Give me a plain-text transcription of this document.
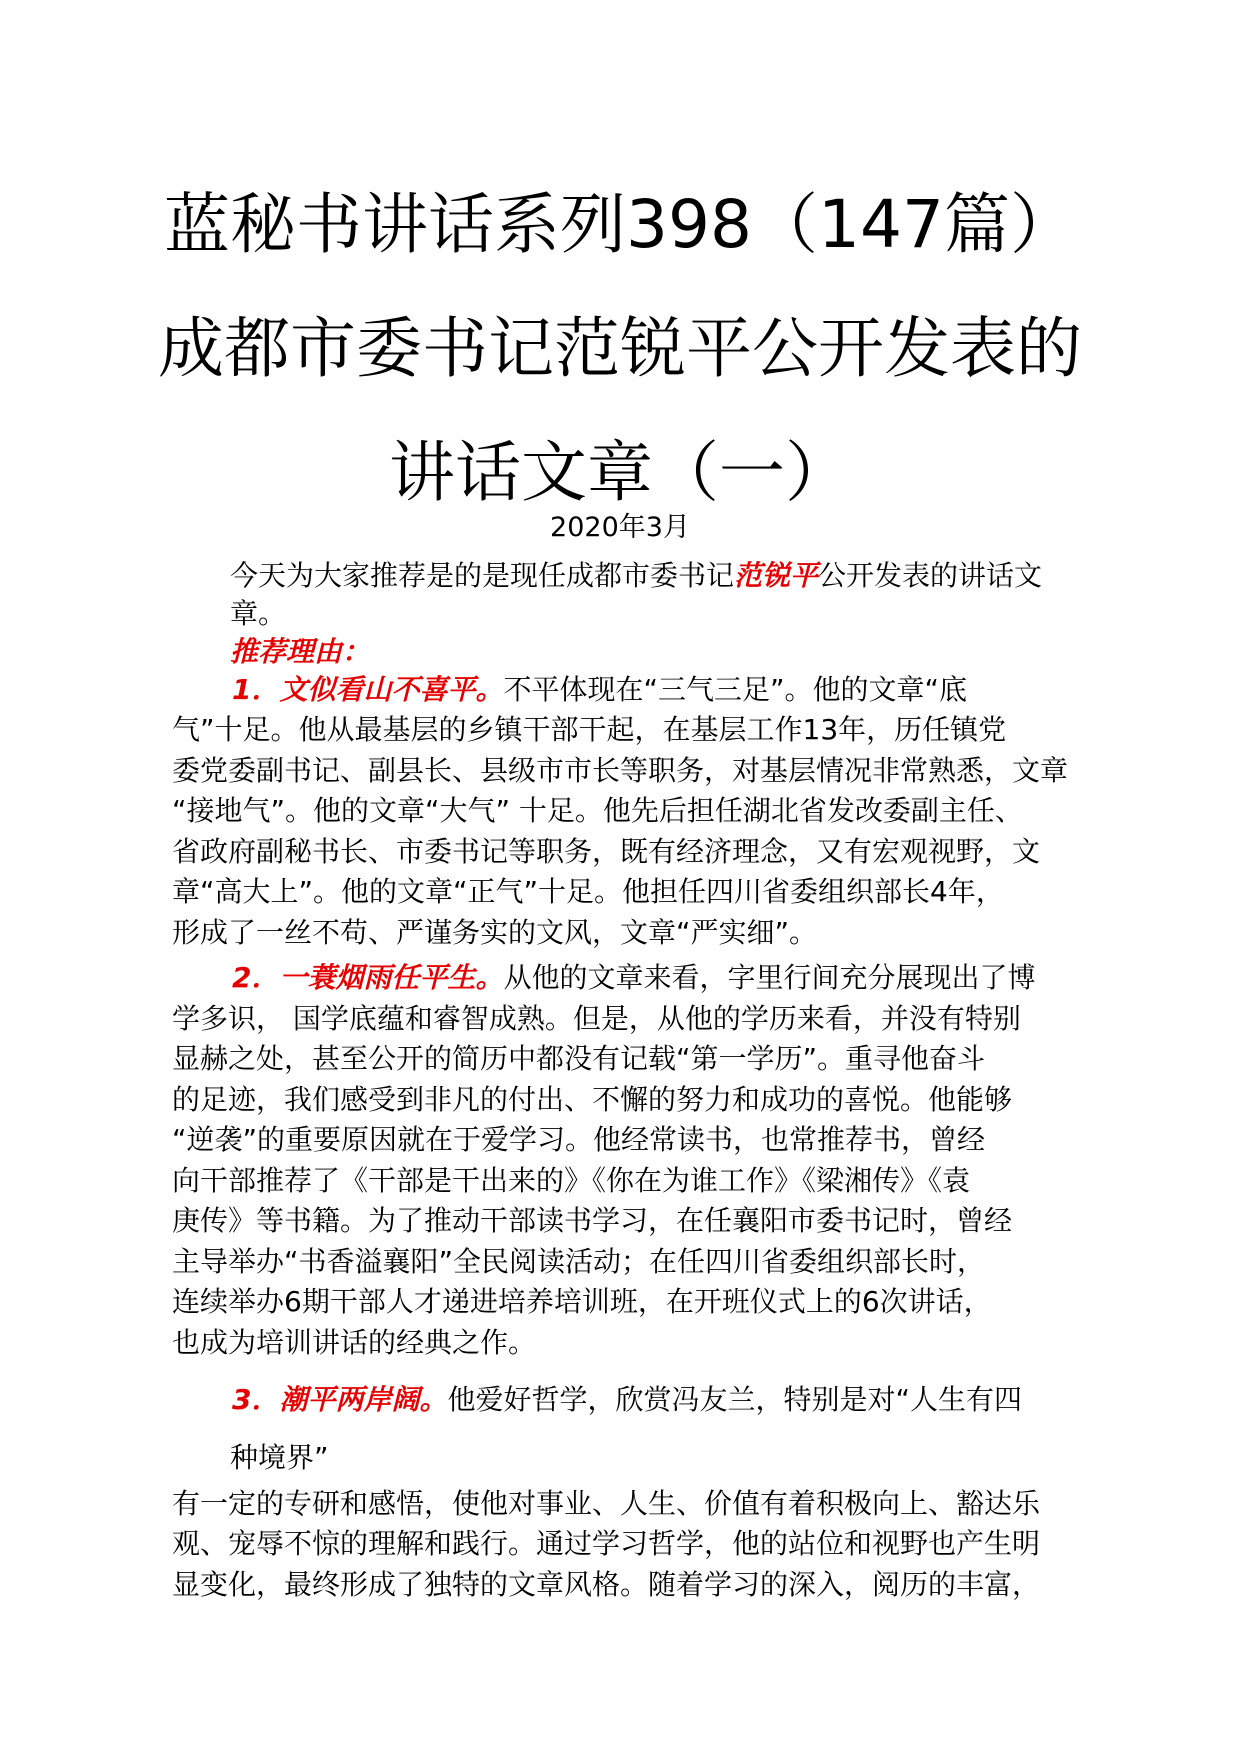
蓝秘书讲话系列398（147篇）
成都市委书记范锐平公开发表的
讲话文章（一）
2020年3月
今天为大家推荐是的是现任成都市委书记范锐平公开发表的讲话文
章。
推荐理由：
1．文似看山不喜平。不平体现在“三气三足”。他的文章“底
气”十足。他从最基层的乡镇干部干起，在基层工作13年，历任镇党
委党委副书记、副县长、县级市市长等职务，对基层情况非常熟悉，文章
“接地气”。他的文章“大气” 十足。他先后担任湖北省发改委副主任、
省政府副秘书长、市委书记等职务，既有经济理念，又有宏观视野，文
章“高大上”。他的文章“正气”十足。他担任四川省委组织部长4年，
形成了一丝不苟、严谨务实的文风，文章“严实细”。
2．一蓑烟雨任平生。从他的文章来看，字里行间充分展现出了博
学多识， 国学底蕴和睿智成熟。但是，从他的学历来看，并没有特别
显赫之处，甚至公开的简历中都没有记载“第一学历”。重寻他奋斗
的足迹，我们感受到非凡的付出、不懈的努力和成功的喜悦。他能够
“逆袭”的重要原因就在于爱学习。他经常读书，也常推荐书，曾经
向干部推荐了《干部是干出来的》《你在为谁工作》《梁湘传》《袁
庚传》等书籍。为了推动干部读书学习，在任襄阳市委书记时，曾经
主导举办“书香溢襄阳”全民阅读活动；在任四川省委组织部长时，
连续举办6期干部人才递进培养培训班，在开班仪式上的6次讲话，
也成为培训讲话的经典之作。
3．潮平两岸阔。他爱好哲学，欣赏冯友兰，特别是对“人生有四
种境界”
有一定的专研和感悟，使他对事业、人生、价值有着积极向上、豁达乐
观、宠辱不惊的理解和践行。通过学习哲学，他的站位和视野也产生明
显变化，最终形成了独特的文章风格。随着学习的深入，阅历的丰富，
